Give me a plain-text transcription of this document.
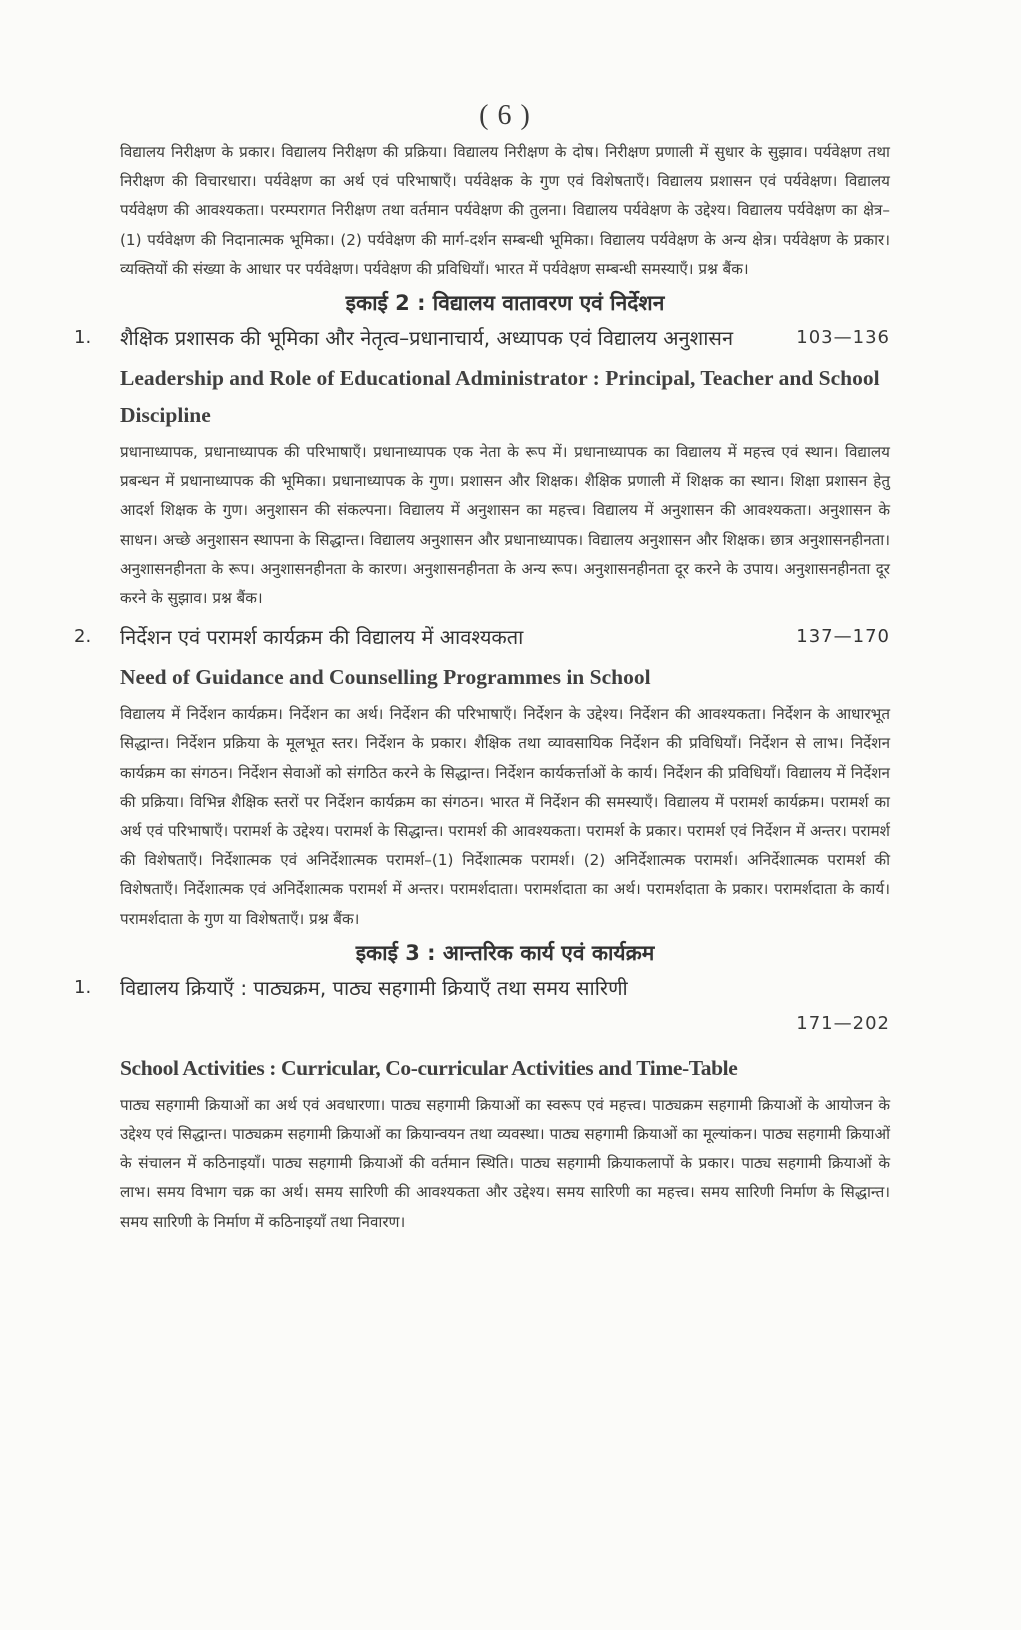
( 6 )

विद्यालय निरीक्षण के प्रकार। विद्यालय निरीक्षण की प्रक्रिया। विद्यालय निरीक्षण के दोष। निरीक्षण प्रणाली में सुधार के सुझाव। पर्यवेक्षण तथा निरीक्षण की विचारधारा। पर्यवेक्षण का अर्थ एवं परिभाषाएँ। पर्यवेक्षक के गुण एवं विशेषताएँ। विद्यालय प्रशासन एवं पर्यवेक्षण। विद्यालय पर्यवेक्षण की आवश्यकता। परम्परागत निरीक्षण तथा वर्तमान पर्यवेक्षण की तुलना। विद्यालय पर्यवेक्षण के उद्देश्य। विद्यालय पर्यवेक्षण का क्षेत्र–(1) पर्यवेक्षण की निदानात्मक भूमिका। (2) पर्यवेक्षण की मार्ग-दर्शन सम्बन्धी भूमिका। विद्यालय पर्यवेक्षण के अन्य क्षेत्र। पर्यवेक्षण के प्रकार। व्यक्तियों की संख्या के आधार पर पर्यवेक्षण। पर्यवेक्षण की प्रविधियाँ। भारत में पर्यवेक्षण सम्बन्धी समस्याएँ। प्रश्न बैंक।

इकाई 2 : विद्यालय वातावरण एवं निर्देशन
1. शैक्षिक प्रशासक की भूमिका और नेतृत्व–प्रधानाचार्य, अध्यापक एवं विद्यालय अनुशासन	103—136
Leadership and Role of Educational Administrator : Principal, Teacher and School Discipline

प्रधानाध्यापक, प्रधानाध्यापक की परिभाषाएँ। प्रधानाध्यापक एक नेता के रूप में। प्रधानाध्यापक का विद्यालय में महत्त्व एवं स्थान। विद्यालय प्रबन्धन में प्रधानाध्यापक की भूमिका। प्रधानाध्यापक के गुण। प्रशासन और शिक्षक। शैक्षिक प्रणाली में शिक्षक का स्थान। शिक्षा प्रशासन हेतु आदर्श शिक्षक के गुण। अनुशासन की संकल्पना। विद्यालय में अनुशासन का महत्त्व। विद्यालय में अनुशासन की आवश्यकता। अनुशासन के साधन। अच्छे अनुशासन स्थापना के सिद्धान्त। विद्यालय अनुशासन और प्रधानाध्यापक। विद्यालय अनुशासन और शिक्षक। छात्र अनुशासनहीनता। अनुशासनहीनता के रूप। अनुशासनहीनता के कारण। अनुशासनहीनता के अन्य रूप। अनुशासनहीनता दूर करने के उपाय। अनुशासनहीनता दूर करने के सुझाव। प्रश्न बैंक।

2. निर्देशन एवं परामर्श कार्यक्रम की विद्यालय में आवश्यकता	137—170
Need of Guidance and Counselling Programmes in School

विद्यालय में निर्देशन कार्यक्रम। निर्देशन का अर्थ। निर्देशन की परिभाषाएँ। निर्देशन के उद्देश्य। निर्देशन की आवश्यकता। निर्देशन के आधारभूत सिद्धान्त। निर्देशन प्रक्रिया के मूलभूत स्तर। निर्देशन के प्रकार। शैक्षिक तथा व्यावसायिक निर्देशन की प्रविधियाँ। निर्देशन से लाभ। निर्देशन कार्यक्रम का संगठन। निर्देशन सेवाओं को संगठित करने के सिद्धान्त। निर्देशन कार्यकर्त्ताओं के कार्य। निर्देशन की प्रविधियाँ। विद्यालय में निर्देशन की प्रक्रिया। विभिन्न शैक्षिक स्तरों पर निर्देशन कार्यक्रम का संगठन। भारत में निर्देशन की समस्याएँ। विद्यालय में परामर्श कार्यक्रम। परामर्श का अर्थ एवं परिभाषाएँ। परामर्श के उद्देश्य। परामर्श के सिद्धान्त। परामर्श की आवश्यकता। परामर्श के प्रकार। परामर्श एवं निर्देशन में अन्तर। परामर्श की विशेषताएँ। निर्देशात्मक एवं अनिर्देशात्मक परामर्श–(1) निर्देशात्मक परामर्श। (2) अनिर्देशात्मक परामर्श। अनिर्देशात्मक परामर्श की विशेषताएँ। निर्देशात्मक एवं अनिर्देशात्मक परामर्श में अन्तर। परामर्शदाता। परामर्शदाता का अर्थ। परामर्शदाता के प्रकार। परामर्शदाता के कार्य। परामर्शदाता के गुण या विशेषताएँ। प्रश्न बैंक।

इकाई 3 : आन्तरिक कार्य एवं कार्यक्रम
1. विद्यालय क्रियाएँ : पाठ्यक्रम, पाठ्य सहगामी क्रियाएँ तथा समय सारिणी
171—202
School Activities : Curricular, Co-curricular Activities and Time-Table

पाठ्य सहगामी क्रियाओं का अर्थ एवं अवधारणा। पाठ्य सहगामी क्रियाओं का स्वरूप एवं महत्त्व। पाठ्यक्रम सहगामी क्रियाओं के आयोजन के उद्देश्य एवं सिद्धान्त। पाठ्यक्रम सहगामी क्रियाओं का क्रियान्वयन तथा व्यवस्था। पाठ्य सहगामी क्रियाओं का मूल्यांकन। पाठ्य सहगामी क्रियाओं के संचालन में कठिनाइयाँ। पाठ्य सहगामी क्रियाओं की वर्तमान स्थिति। पाठ्य सहगामी क्रियाकलापों के प्रकार। पाठ्य सहगामी क्रियाओं के लाभ। समय विभाग चक्र का अर्थ। समय सारिणी की आवश्यकता और उद्देश्य। समय सारिणी का महत्त्व। समय सारिणी निर्माण के सिद्धान्त। समय सारिणी के निर्माण में कठिनाइयाँ तथा निवारण।
